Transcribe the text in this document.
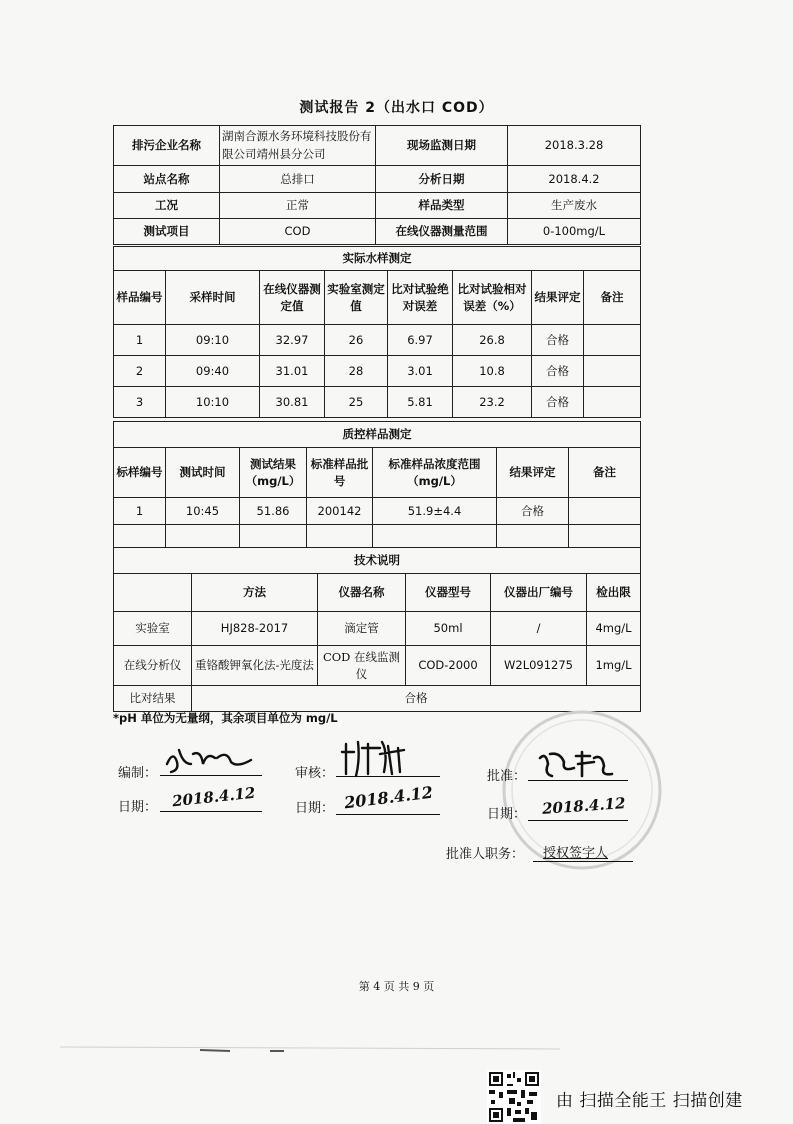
测试报告 2（出水口 COD）
排污企业名称	湖南合源水务环境科技股份有限公司靖州县分公司	现场监测日期	2018.3.28
站点名称	总排口	分析日期	2018.4.2
工况	正常	样品类型	生产废水
测试项目	COD	在线仪器测量范围	0-100mg/L
实际水样测定							
样品编号	采样时间	在线仪器测定值	实验室测定值	比对试验绝对误差	比对试验相对误差（%）	结果评定	备注
1	09:10	32.97	26	6.97	26.8	合格	
2	09:40	31.01	28	3.01	10.8	合格	
3	10:10	30.81	25	5.81	23.2	合格	
质控样品测定						
标样编号	测试时间	测试结果（mg/L）	标准样品批号	标准样品浓度范围（mg/L）	结果评定	备注
1	10:45	51.86	200142	51.9±4.4	合格	

技术说明					
	方法	仪器名称	仪器型号	仪器出厂编号	检出限
实验室	HJ828-2017	滴定管	50ml	/	4mg/L
在线分析仪	重铬酸钾氧化法-光度法	COD 在线监测仪	COD-2000	W2L091275	1mg/L
比对结果	合格				
*pH 单位为无量纲，其余项目单位为 mg/L
编制：
日期： 2018.4.12
审核：
日期： 2018.4.12
批准：
日期： 2018.4.12
批准人职务： 授权签字人
第 4 页 共 9 页
由 扫描全能王 扫描创建
